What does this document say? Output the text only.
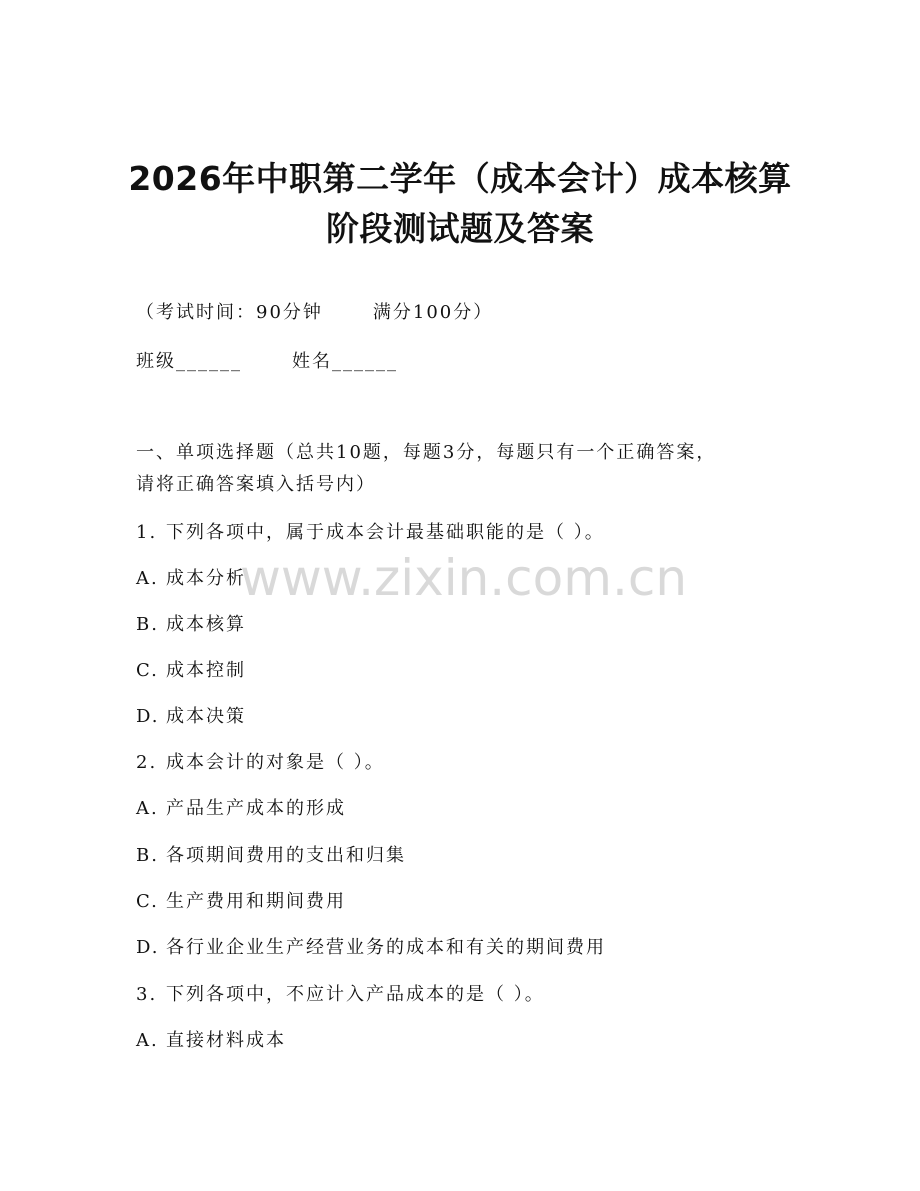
2026年中职第二学年（成本会计）成本核算
阶段测试题及答案
（考试时间：90分钟	满分100分）
班级______	姓名______
一、单项选择题（总共10题，每题3分，每题只有一个正确答案，
请将正确答案填入括号内）
1. 下列各项中，属于成本会计最基础职能的是（ ）。
A. 成本分析
B. 成本核算
C. 成本控制
D. 成本决策
2. 成本会计的对象是（ ）。
A. 产品生产成本的形成
B. 各项期间费用的支出和归集
C. 生产费用和期间费用
D. 各行业企业生产经营业务的成本和有关的期间费用
3. 下列各项中，不应计入产品成本的是（ ）。
A. 直接材料成本
www.zixin.com.cn
